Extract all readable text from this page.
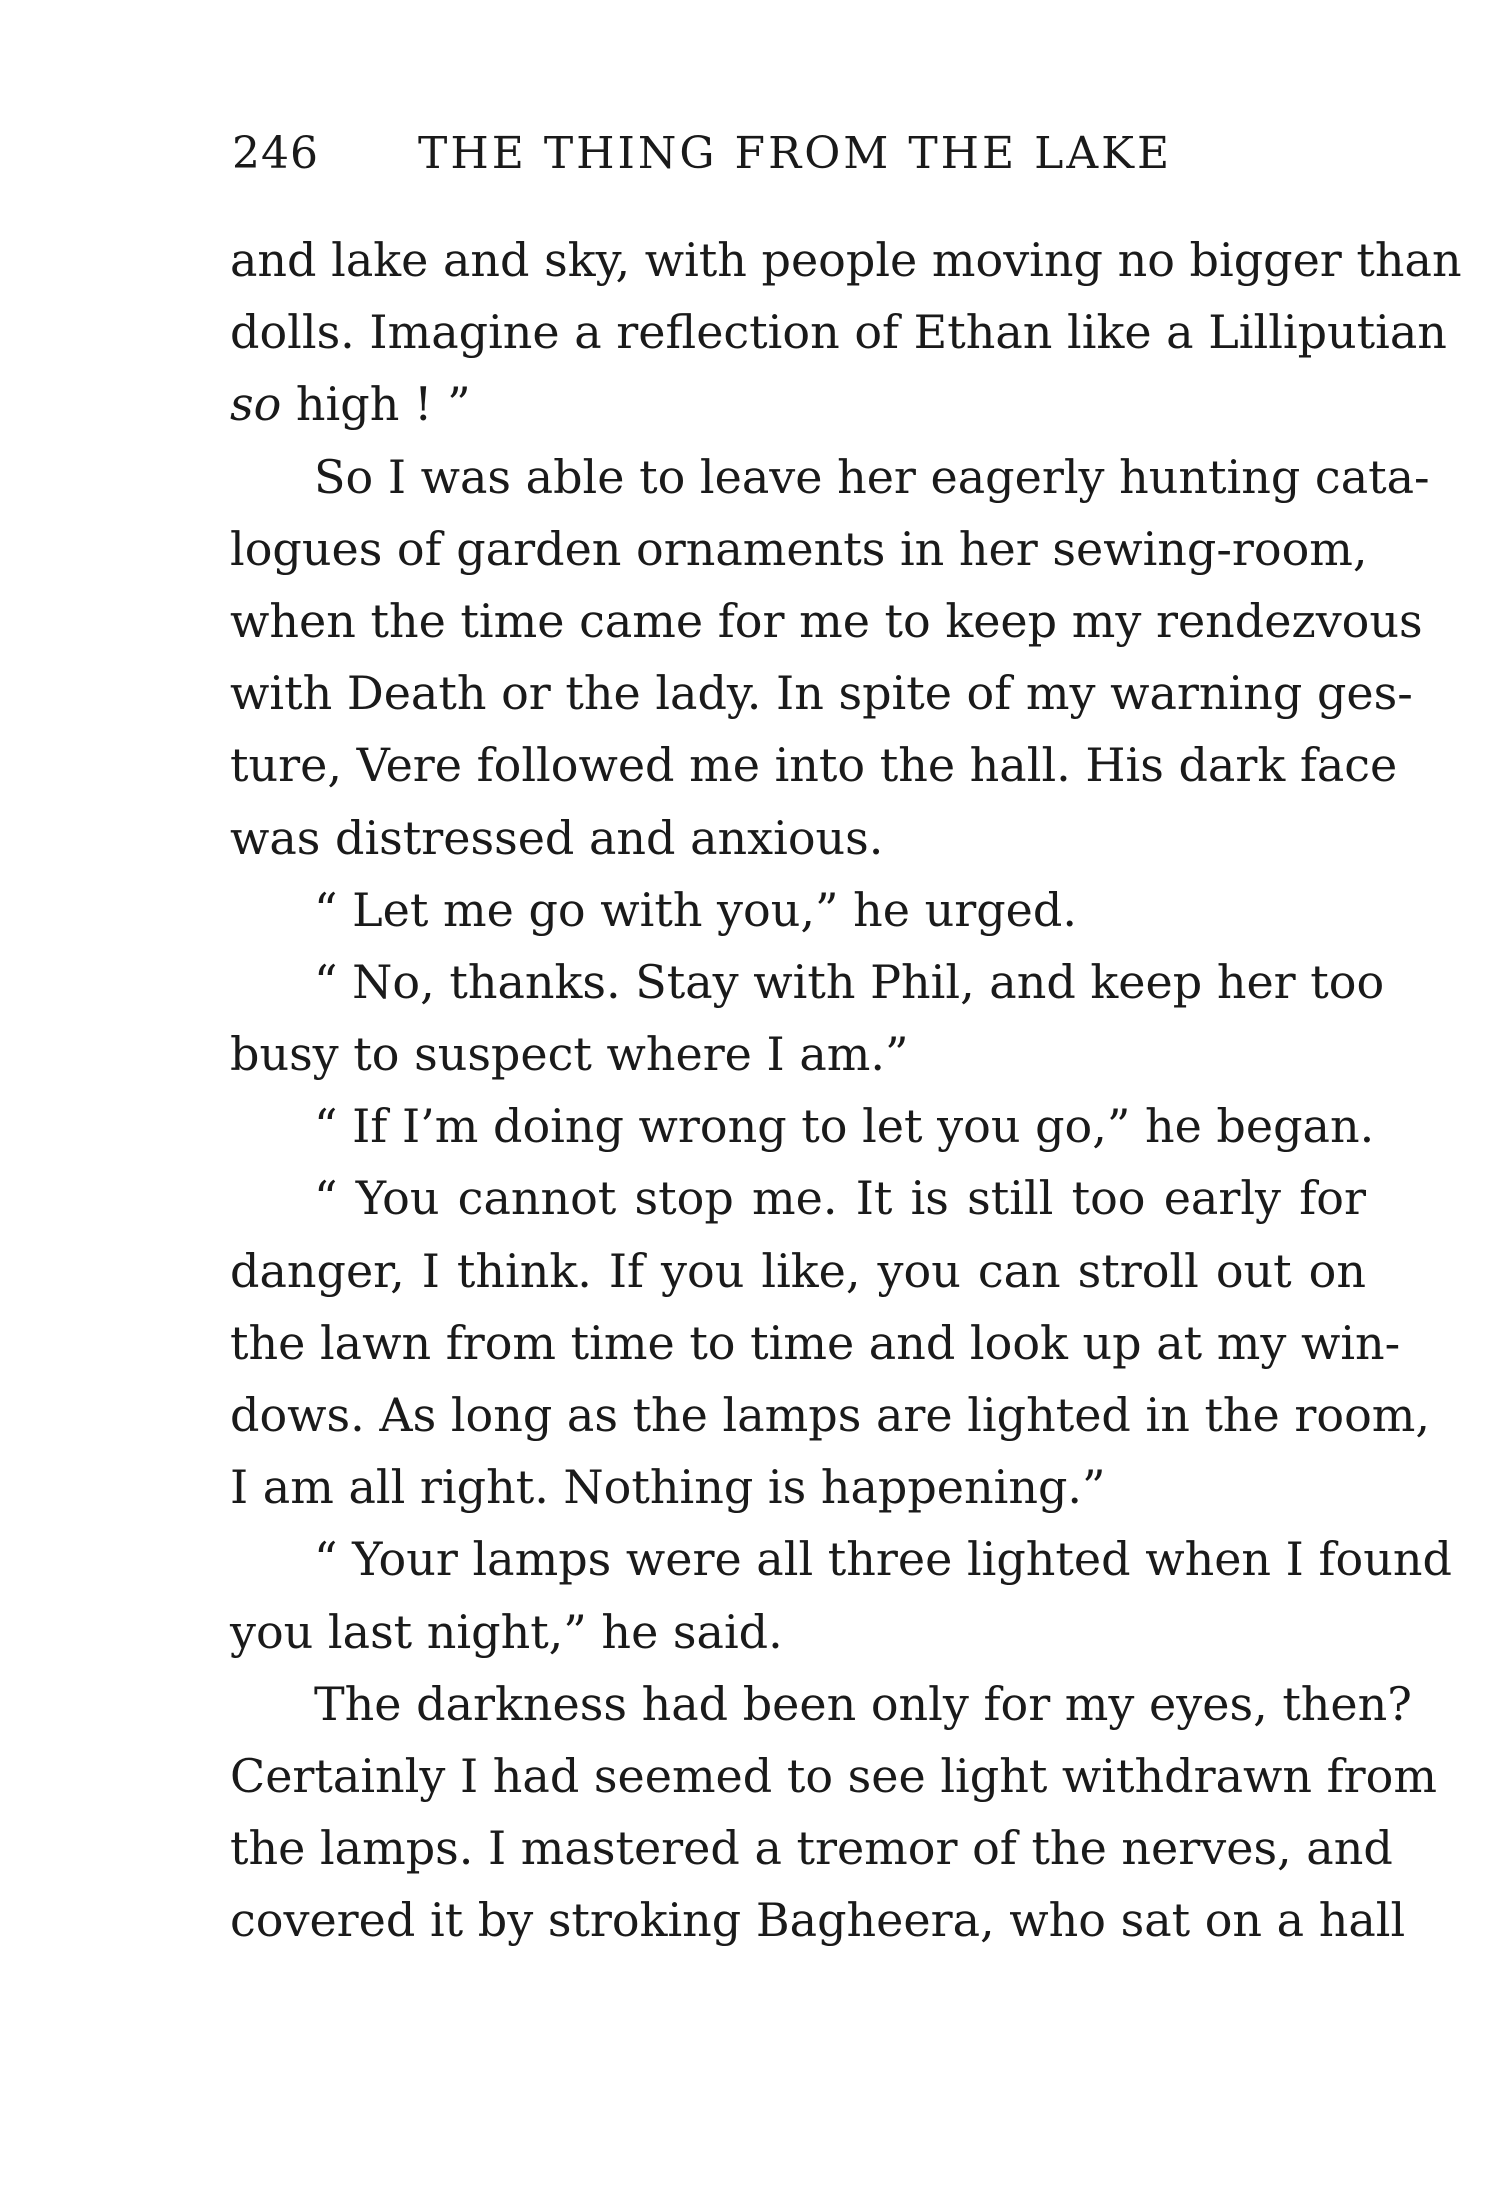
246 THE THING FROM THE LAKE
and lake and sky, with people moving no bigger than
dolls. Imagine a reflection of Ethan like a Lilliputian
so high ! ”
So I was able to leave her eagerly hunting cata-
logues of garden ornaments in her sewing-room,
when the time came for me to keep my rendezvous
with Death or the lady. In spite of my warning ges-
ture, Vere followed me into the hall. His dark face
was distressed and anxious.
“ Let me go with you,” he urged.
“ No, thanks. Stay with Phil, and keep her too
busy to suspect where I am.”
“ If I’m doing wrong to let you go,” he began.
“ You cannot stop me. It is still too early for
danger, I think. If you like, you can stroll out on
the lawn from time to time and look up at my win-
dows. As long as the lamps are lighted in the room,
I am all right. Nothing is happening.”
“ Your lamps were all three lighted when I found
you last night,” he said.
The darkness had been only for my eyes, then?
Certainly I had seemed to see light withdrawn from
the lamps. I mastered a tremor of the nerves, and
covered it by stroking Bagheera, who sat on a hall
